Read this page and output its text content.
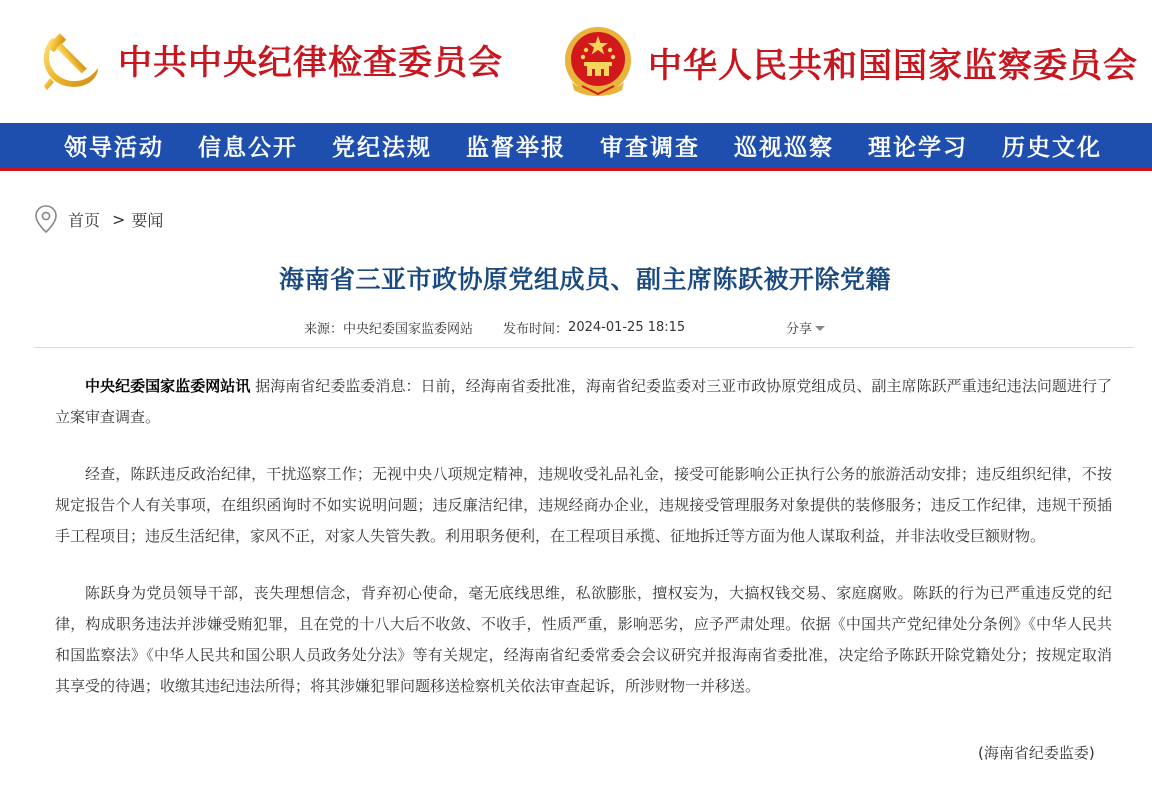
中共中央纪律检查委员会	中华人民共和国国家监察委员会
领导活动 信息公开 党纪法规 监督举报 审查调查 巡视巡察 理论学习 历史文化
首页 > 要闻
海南省三亚市政协原党组成员、副主席陈跃被开除党籍
来源： 中央纪委国家监委网站 发布时间： 2024-01-25 18:15	分享

中央纪委国家监委网站讯 据海南省纪委监委消息：日前，经海南省委批准，海南省纪委监委对三亚市政协原党组成员、副主席陈跃严重违纪违法问题进行了立案审查调查。

经查，陈跃违反政治纪律，干扰巡察工作；无视中央八项规定精神，违规收受礼品礼金，接受可能影响公正执行公务的旅游活动安排；违反组织纪律，不按规定报告个人有关事项，在组织函询时不如实说明问题；违反廉洁纪律，违规经商办企业，违规接受管理服务对象提供的装修服务；违反工作纪律，违规干预插手工程项目；违反生活纪律，家风不正，对家人失管失教。利用职务便利，在工程项目承揽、征地拆迁等方面为他人谋取利益，并非法收受巨额财物。

陈跃身为党员领导干部，丧失理想信念，背弃初心使命，毫无底线思维，私欲膨胀，擅权妄为，大搞权钱交易、家庭腐败。陈跃的行为已严重违反党的纪律，构成职务违法并涉嫌受贿犯罪，且在党的十八大后不收敛、不收手，性质严重，影响恶劣，应予严肃处理。依据《中国共产党纪律处分条例》《中华人民共和国监察法》《中华人民共和国公职人员政务处分法》等有关规定，经海南省纪委常委会会议研究并报海南省委批准，决定给予陈跃开除党籍处分；按规定取消其享受的待遇；收缴其违纪违法所得；将其涉嫌犯罪问题移送检察机关依法审查起诉，所涉财物一并移送。

(海南省纪委监委)
